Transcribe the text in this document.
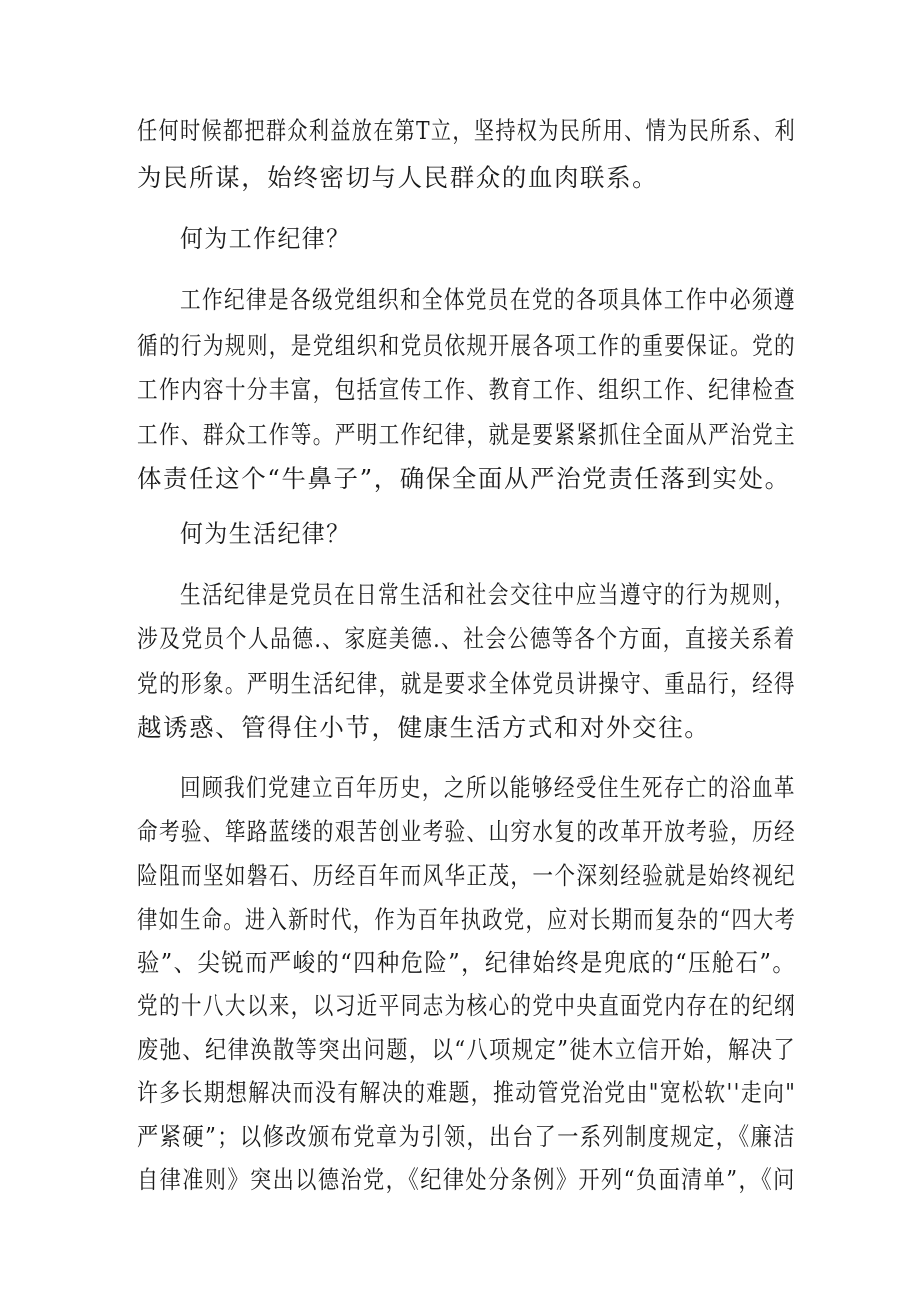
任何时候都把群众利益放在第T立，坚持权为民所用、情为民所系、利
为民所谋，始终密切与人民群众的血肉联系。
何为工作纪律？
工作纪律是各级党组织和全体党员在党的各项具体工作中必须遵
循的行为规则，是党组织和党员依规开展各项工作的重要保证。党的
工作内容十分丰富，包括宣传工作、教育工作、组织工作、纪律检查
工作、群众工作等。严明工作纪律，就是要紧紧抓住全面从严治党主
体责任这个“牛鼻子”，确保全面从严治党责任落到实处。
何为生活纪律？
生活纪律是党员在日常生活和社会交往中应当遵守的行为规则，
涉及党员个人品德.、家庭美德.、社会公德等各个方面，直接关系着
党的形象。严明生活纪律，就是要求全体党员讲操守、重品行，经得
越诱惑、管得住小节，健康生活方式和对外交往。
回顾我们党建立百年历史，之所以能够经受住生死存亡的浴血革
命考验、筚路蓝缕的艰苦创业考验、山穷水复的改革开放考验，历经
险阻而坚如磐石、历经百年而风华正茂，一个深刻经验就是始终视纪
律如生命。进入新时代，作为百年执政党，应对长期而复杂的“四大考
验”、尖锐而严峻的“四种危险”，纪律始终是兜底的“压舱石”。
党的十八大以来，以习近平同志为核心的党中央直面党内存在的纪纲
废弛、纪律涣散等突出问题，以“八项规定”徙木立信开始，解决了
许多长期想解决而没有解决的难题，推动管党治党由"宽松软''走向"
严紧硬”；以修改颁布党章为引领，出台了一系列制度规定，《廉洁
自律准则》突出以德治党，《纪律处分条例》开列“负面清单”，《问
